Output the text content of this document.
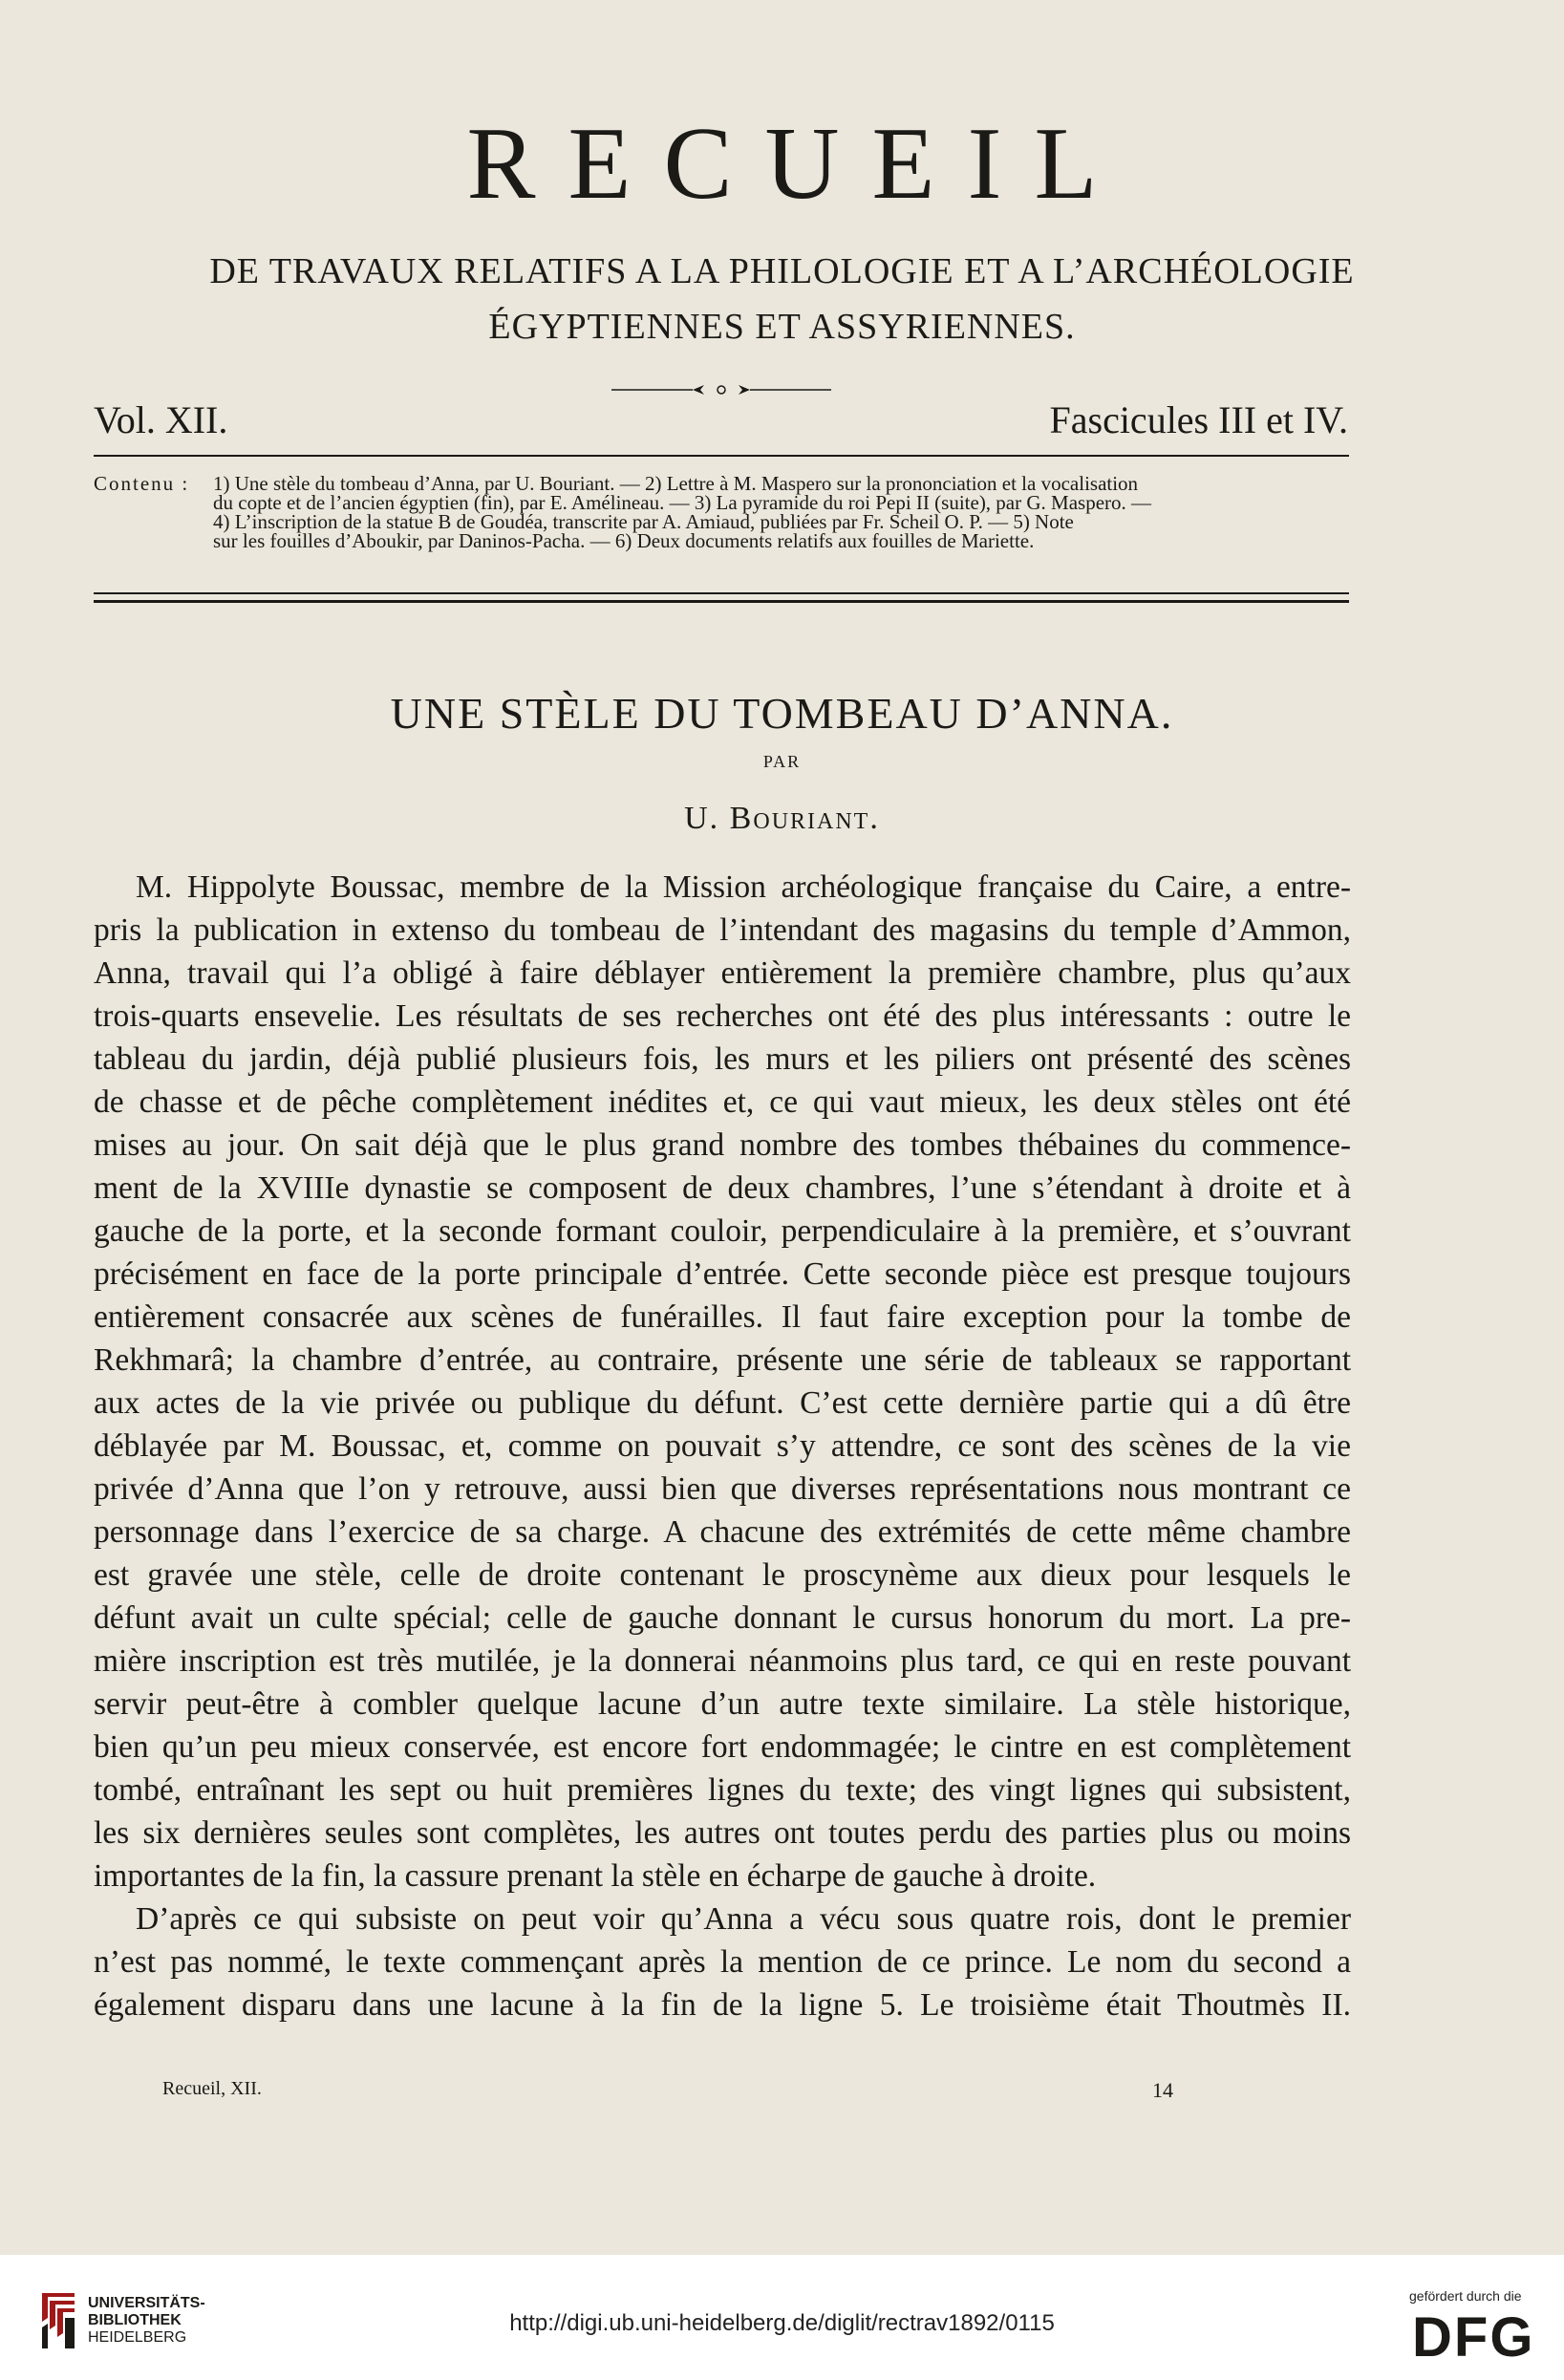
RECUEIL
DE TRAVAUX RELATIFS A LA PHILOLOGIE ET A L’ARCHÉOLOGIE
ÉGYPTIENNES ET ASSYRIENNES.
Vol. XII.	Fascicules III et IV.
Contenu : 1) Une stèle du tombeau d’Anna, par U. Bouriant. — 2) Lettre à M. Maspero sur la prononciation et la vocalisation
du copte et de l’ancien égyptien (fin), par E. Amélineau. — 3) La pyramide du roi Pepi II (suite), par G. Maspero. —
4) L’inscription de la statue B de Goudéa, transcrite par A. Amiaud, publiées par Fr. Scheil O. P. — 5) Note
sur les fouilles d’Aboukir, par Daninos-Pacha. — 6) Deux documents relatifs aux fouilles de Mariette.
UNE STÈLE DU TOMBEAU D’ANNA.
PAR
U. Bouriant.
M. Hippolyte Boussac, membre de la Mission archéologique française du Caire, a entre-
pris la publication in extenso du tombeau de l’intendant des magasins du temple d’Ammon,
Anna, travail qui l’a obligé à faire déblayer entièrement la première chambre, plus qu’aux
trois-quarts ensevelie. Les résultats de ses recherches ont été des plus intéressants : outre le
tableau du jardin, déjà publié plusieurs fois, les murs et les piliers ont présenté des scènes
de chasse et de pêche complètement inédites et, ce qui vaut mieux, les deux stèles ont été
mises au jour. On sait déjà que le plus grand nombre des tombes thébaines du commence-
ment de la XVIIIe dynastie se composent de deux chambres, l’une s’étendant à droite et à
gauche de la porte, et la seconde formant couloir, perpendiculaire à la première, et s’ouvrant
précisément en face de la porte principale d’entrée. Cette seconde pièce est presque toujours
entièrement consacrée aux scènes de funérailles. Il faut faire exception pour la tombe de
Rekhmarâ; la chambre d’entrée, au contraire, présente une série de tableaux se rapportant
aux actes de la vie privée ou publique du défunt. C’est cette dernière partie qui a dû être
déblayée par M. Boussac, et, comme on pouvait s’y attendre, ce sont des scènes de la vie
privée d’Anna que l’on y retrouve, aussi bien que diverses représentations nous montrant ce
personnage dans l’exercice de sa charge. A chacune des extrémités de cette même chambre
est gravée une stèle, celle de droite contenant le proscynème aux dieux pour lesquels le
défunt avait un culte spécial; celle de gauche donnant le cursus honorum du mort. La pre-
mière inscription est très mutilée, je la donnerai néanmoins plus tard, ce qui en reste pouvant
servir peut-être à combler quelque lacune d’un autre texte similaire. La stèle historique,
bien qu’un peu mieux conservée, est encore fort endommagée; le cintre en est complètement
tombé, entraînant les sept ou huit premières lignes du texte; des vingt lignes qui subsistent,
les six dernières seules sont complètes, les autres ont toutes perdu des parties plus ou moins
importantes de la fin, la cassure prenant la stèle en écharpe de gauche à droite.
D’après ce qui subsiste on peut voir qu’Anna a vécu sous quatre rois, dont le premier
n’est pas nommé, le texte commençant après la mention de ce prince. Le nom du second a
également disparu dans une lacune à la fin de la ligne 5. Le troisième était Thoutmès II.
Recueil, XII.	14
UNIVERSITÄTS-
BIBLIOTHEK
HEIDELBERG
http://digi.ub.uni-heidelberg.de/diglit/rectrav1892/0115
gefördert durch die
DFG
